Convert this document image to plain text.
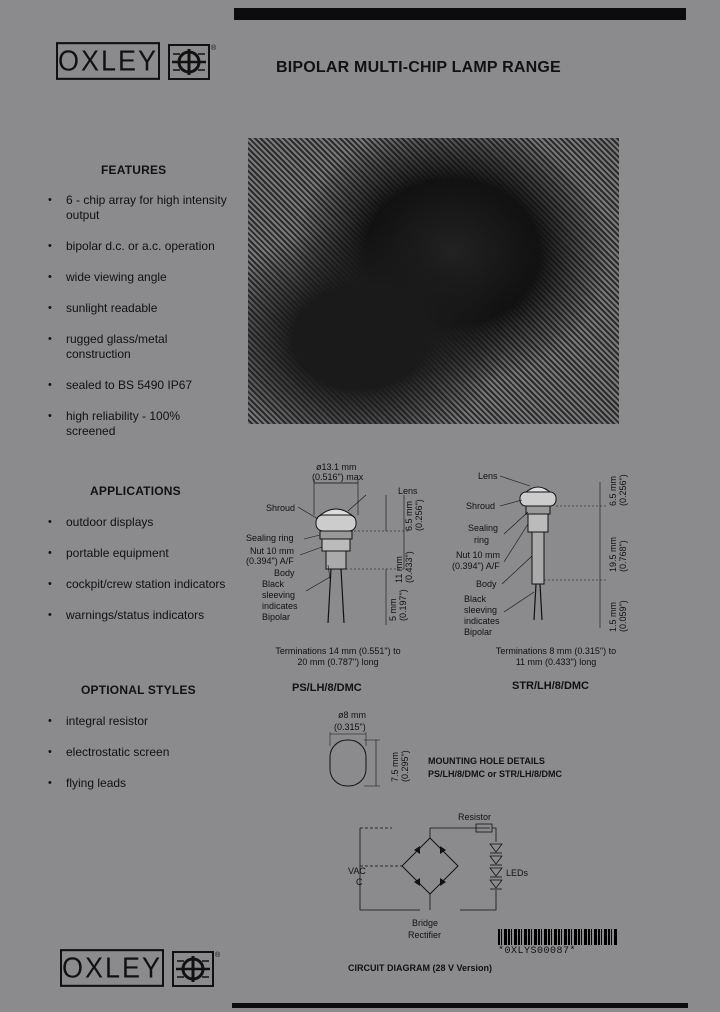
OXLEY	®
BIPOLAR MULTI-CHIP LAMP RANGE
FEATURES
• 6 - chip array for high intensity output
• bipolar d.c. or a.c. operation
• wide viewing angle
• sunlight readable
• rugged glass/metal construction
• sealed to BS 5490 IP67
• high reliability - 100% screened
APPLICATIONS
• outdoor displays
• portable equipment
• cockpit/crew station indicators
• warnings/status indicators
OPTIONAL STYLES
• integral resistor
• electrostatic screen
• flying leads
ø13.1 mm
(0.516") max
Lens
Shroud
Sealing ring
Nut 10 mm
(0.394") A/F
Body
Black
sleeving
indicates
Bipolar
6.5 mm (0.256")
11 mm (0.433")
5 mm (0.197")
Terminations 14 mm (0.551") to
20 mm (0.787") long
PS/LH/8/DMC
Lens
Shroud
Sealing
ring
Nut 10 mm
(0.394") A/F
Body
Black
sleeving
indicates
Bipolar
6.5 mm (0.256")
19.5 mm (0.768")
1.5 mm (0.059")
Terminations 8 mm (0.315") to
11 mm (0.433") long
STR/LH/8/DMC
ø8 mm
(0.315")
7.5 mm (0.295") MOUNTING HOLE DETAILS
PS/LH/8/DMC or STR/LH/8/DMC
Resistor
VAC
C
LEDs
Bridge
Rectifier
CIRCUIT DIAGRAM (28 V Version)
*0XLYS00087*
OXLEY	®
